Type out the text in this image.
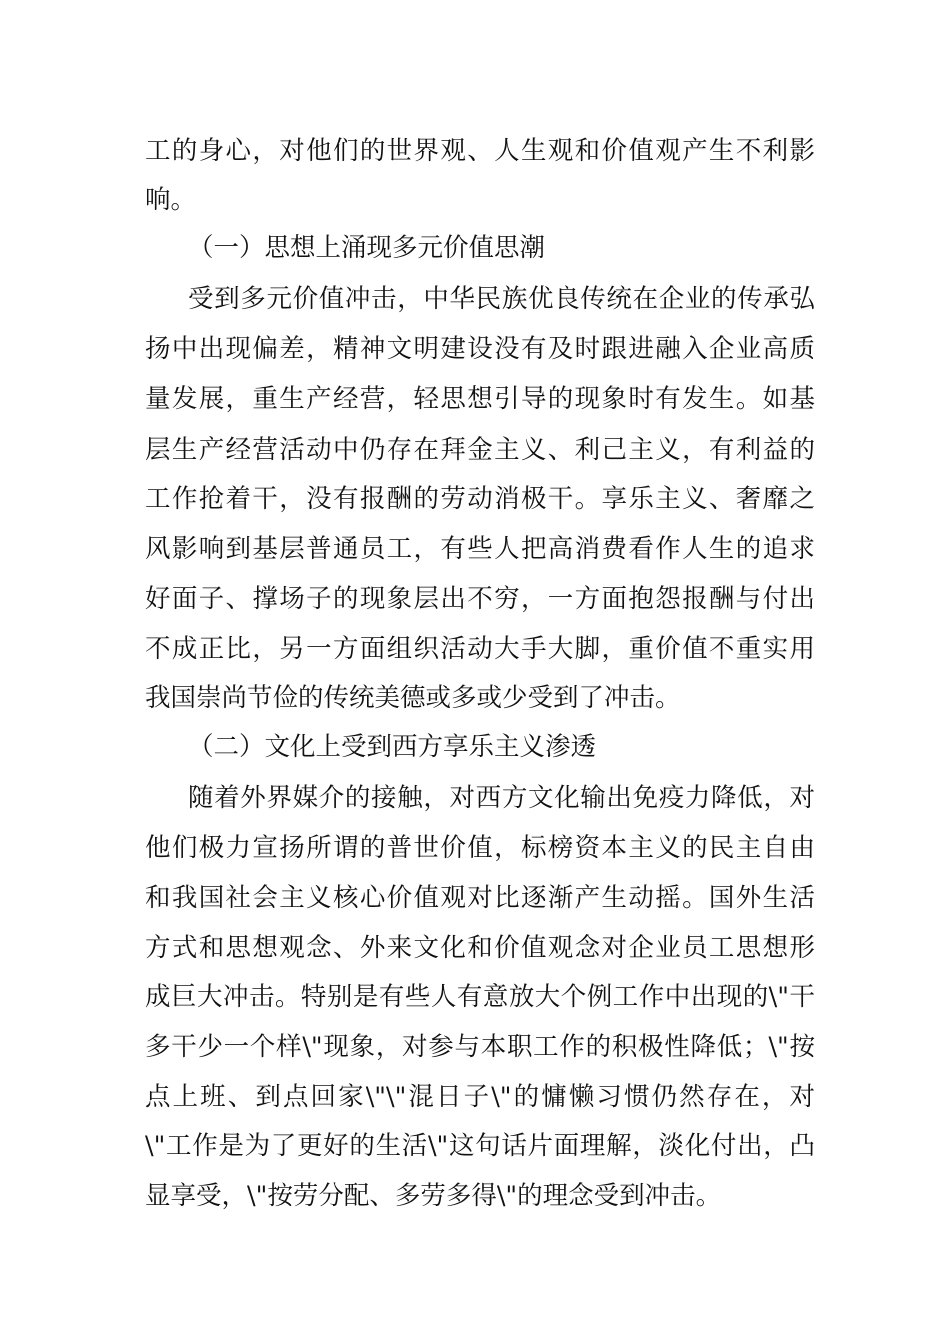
工的身心，对他们的世界观、人生观和价值观产生不利影
响。
（一）思想上涌现多元价值思潮
受到多元价值冲击，中华民族优良传统在企业的传承弘
扬中出现偏差，精神文明建设没有及时跟进融入企业高质
量发展，重生产经营，轻思想引导的现象时有发生。如基
层生产经营活动中仍存在拜金主义、利己主义，有利益的
工作抢着干，没有报酬的劳动消极干。享乐主义、奢靡之
风影响到基层普通员工，有些人把高消费看作人生的追求
好面子、撑场子的现象层出不穷，一方面抱怨报酬与付出
不成正比，另一方面组织活动大手大脚，重价值不重实用
我国崇尚节俭的传统美德或多或少受到了冲击。
（二）文化上受到西方享乐主义渗透
随着外界媒介的接触，对西方文化输出免疫力降低，对
他们极力宣扬所谓的普世价值，标榜资本主义的民主自由
和我国社会主义核心价值观对比逐渐产生动摇。国外生活
方式和思想观念、外来文化和价值观念对企业员工思想形
成巨大冲击。特别是有些人有意放大个例工作中出现的\"干
多干少一个样\"现象，对参与本职工作的积极性降低；\"按
点上班、到点回家\"\"混日子\"的慵懒习惯仍然存在，对
\"工作是为了更好的生活\"这句话片面理解，淡化付出，凸
显享受，\"按劳分配、多劳多得\"的理念受到冲击。
